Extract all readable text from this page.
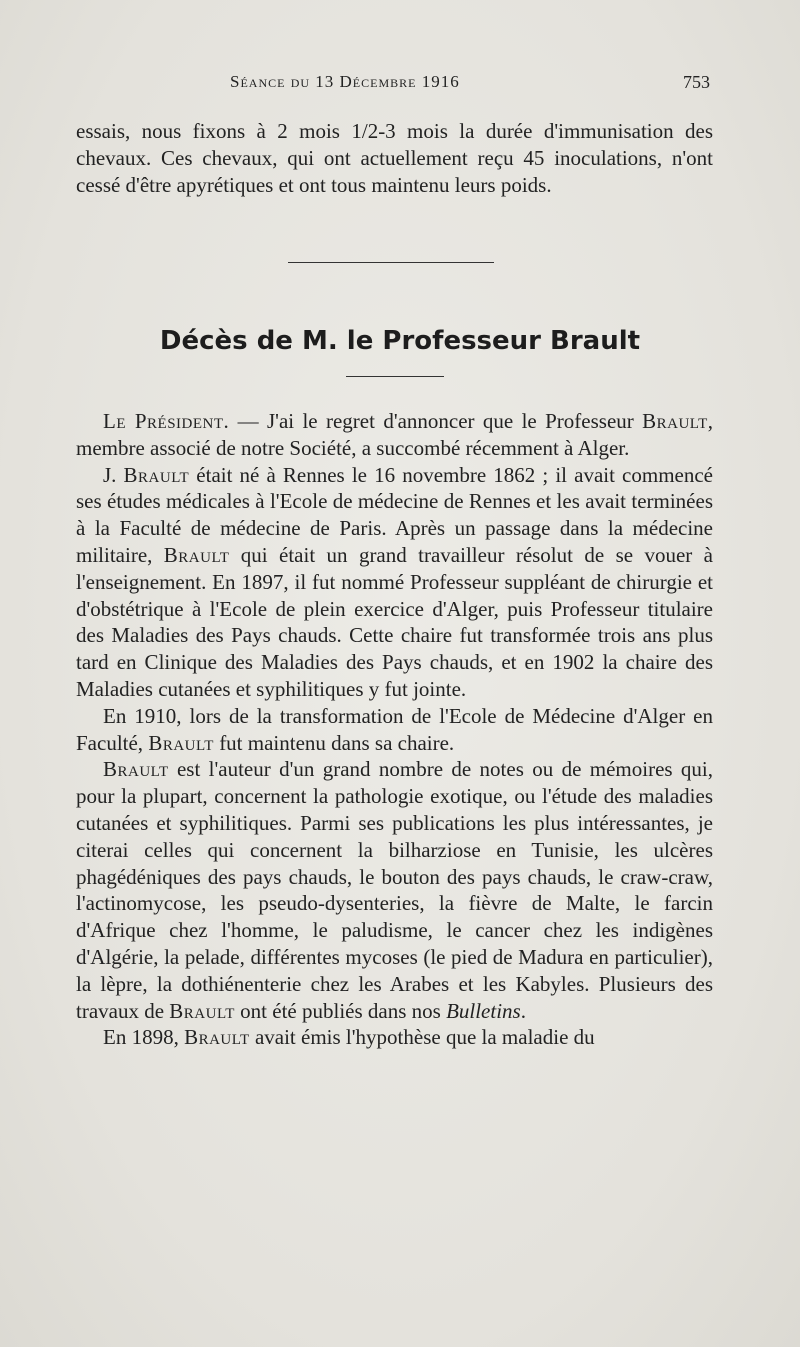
Séance du 13 Décembre 1916	753

essais, nous fixons à 2 mois 1/2-3 mois la durée d'immunisation des chevaux. Ces chevaux, qui ont actuellement reçu 45 inoculations, n'ont cessé d'être apyrétiques et ont tous maintenu leurs poids.

Décès de M. le Professeur Brault

Le Président. — J'ai le regret d'annoncer que le Professeur Brault, membre associé de notre Société, a succombé récemment à Alger.

J. Brault était né à Rennes le 16 novembre 1862 ; il avait commencé ses études médicales à l'Ecole de médecine de Rennes et les avait terminées à la Faculté de médecine de Paris. Après un passage dans la médecine militaire, Brault qui était un grand travailleur résolut de se vouer à l'enseignement. En 1897, il fut nommé Professeur suppléant de chirurgie et d'obstétrique à l'Ecole de plein exercice d'Alger, puis Professeur titulaire des Maladies des Pays chauds. Cette chaire fut transformée trois ans plus tard en Clinique des Maladies des Pays chauds, et en 1902 la chaire des Maladies cutanées et syphilitiques y fut jointe.

En 1910, lors de la transformation de l'Ecole de Médecine d'Alger en Faculté, Brault fut maintenu dans sa chaire.

Brault est l'auteur d'un grand nombre de notes ou de mémoires qui, pour la plupart, concernent la pathologie exotique, ou l'étude des maladies cutanées et syphilitiques. Parmi ses publications les plus intéressantes, je citerai celles qui concernent la bilharziose en Tunisie, les ulcères phagédéniques des pays chauds, le bouton des pays chauds, le craw-craw, l'actinomycose, les pseudo-dysenteries, la fièvre de Malte, le farcin d'Afrique chez l'homme, le paludisme, le cancer chez les indigènes d'Algérie, la pelade, différentes mycoses (le pied de Madura en particulier), la lèpre, la dothiénenterie chez les Arabes et les Kabyles. Plusieurs des travaux de Brault ont été publiés dans nos Bulletins.

En 1898, Brault avait émis l'hypothèse que la maladie du
